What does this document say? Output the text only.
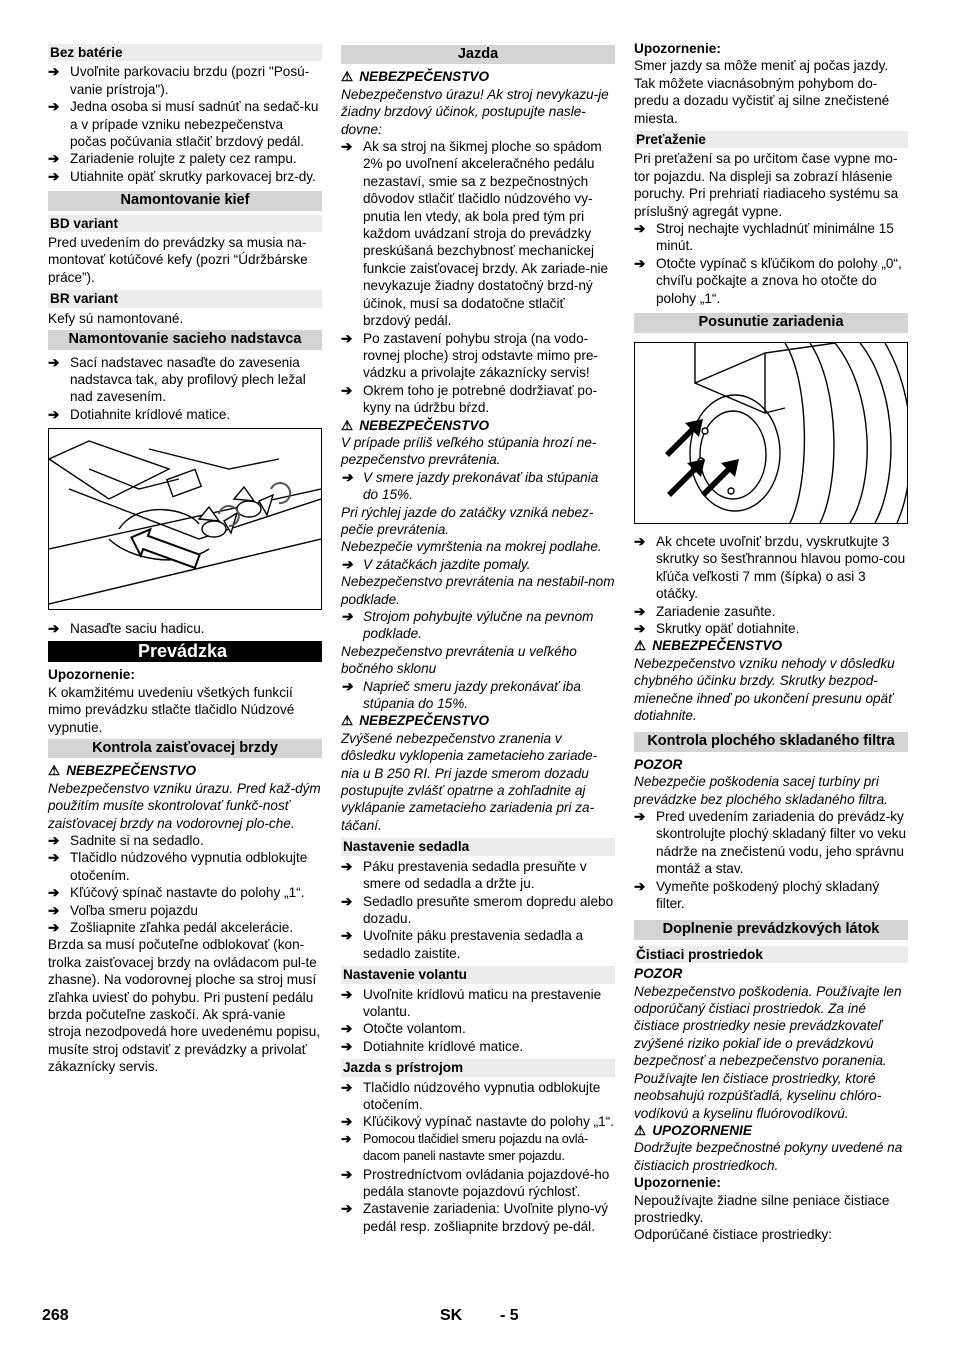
Bez batérie
➔ Uvoľnite parkovaciu brzdu (pozri "Posú-vanie prístroja").
➔ Jedna osoba si musí sadnúť na sedač-ku a v prípade vzniku nebezpečenstva počas počúvania stlačiť brzdový pedál.
➔ Zariadenie rolujte z palety cez rampu.
➔ Utiahnite opäť skrutky parkovacej brz-dy.
Namontovanie kief
BD variant

Pred uvedením do prevádzky sa musia na-montovať kotúčové kefy (pozri “Údržbárske práce”).

BR variant

Kefy sú namontované.

Namontovanie sacieho nadstavca
➔ Sací nadstavec nasaďte do zavesenia nadstavca tak, aby profilový plech ležal nad zavesením.
➔ Dotiahnite krídlové matice.
➔ Nasaďte saciu hadicu.
Prevádzka

Upozornenie:

K okamžitému uvedeniu všetkých funkcií mimo prevádzku stlačte tlačidlo Núdzové vypnutie.

Kontrola zaisťovacej brzdy
⚠ NEBEZPEČENSTVO

Nebezpečenstvo vzniku úrazu. Pred kaž-dým použitím musíte skontrolovať funkč-nosť zaisťovacej brzdy na vodorovnej plo-che.

➔ Sadnite si na sedadlo.
➔ Tlačidlo núdzového vypnutia odblokujte otočením.
➔ Kľúčový spínač nastavte do polohy „1“.
➔ Voľba smeru pojazdu
➔ Zošliapnite zľahka pedál akcelerácie.

Brzda sa musí počuteľne odblokovať (kon-trolka zaisťovacej brzdy na ovládacom pul-te zhasne). Na vodorovnej ploche sa stroj musí zľahka uviesť do pohybu. Pri pustení pedálu brzda počuteľne zaskočí. Ak sprá-vanie stroja nezodpovedá hore uvedenému popisu, musíte stroj odstaviť z prevádzky a privolať zákaznícky servis.

Jazda
⚠ NEBEZPEČENSTVO

Nebezpečenstvo úrazu! Ak stroj nevykazu-je žiadny brzdový účinok, postupujte nasle-dovne:

➔ Ak sa stroj na šikmej ploche so spádom 2% po uvoľnení akceleračného pedálu nezastaví, smie sa z bezpečnostných dôvodov stlačiť tlačidlo núdzového vy-pnutia len vtedy, ak bola pred tým pri každom uvádzaní stroja do prevádzky preskúšaná bezchybnosť mechanickej funkcie zaisťovacej brzdy. Ak zariade-nie nevykazuje žiadny dostatočný brzd-ný účinok, musí sa dodatočne stlačiť brzdový pedál.
➔ Po zastavení pohybu stroja (na vodo-rovnej ploche) stroj odstavte mimo pre-vádzku a privolajte zákaznícky servis!
➔ Okrem toho je potrebné dodržiavať po-kyny na údržbu bŕzd.
⚠ NEBEZPEČENSTVO

V prípade príliš veľkého stúpania hrozí ne-pezpečenstvo prevrátenia.

➔ V smere jazdy prekonávať iba stúpania do 15%.

Pri rýchlej jazde do zatáčky vzniká nebez-pečie prevrátenia.

Nebezpečie vymrštenia na mokrej podlahe.

➔ V zátačkách jazdite pomaly.

Nebezpečenstvo prevrátenia na nestabil-nom podklade.

➔ Strojom pohybujte výlučne na pevnom podklade.

Nebezpečenstvo prevrátenia u veľkého bočného sklonu

➔ Naprieč smeru jazdy prekonávať iba stúpania do 15%.
⚠ NEBEZPEČENSTVO

Zvýšené nebezpečenstvo zranenia v dôsledku vyklopenia zametacieho zariade-nia u B 250 RI. Pri jazde smerom dozadu postupujte zvlášť opatrne a zohľadnite aj vyklápanie zametacieho zariadenia pri za-táčaní.

Nastavenie sedadla
➔ Páku prestavenia sedadla presuňte v smere od sedadla a držte ju.
➔ Sedadlo presuňte smerom dopredu alebo dozadu.
➔ Uvoľnite páku prestavenia sedadla a sedadlo zaistite.
Nastavenie volantu
➔ Uvoľnite krídlovú maticu na prestavenie volantu.
➔ Otočte volantom.
➔ Dotiahnite krídlové matice.
Jazda s prístrojom
➔ Tlačidlo núdzového vypnutia odblokujte otočením.
➔ Kľúčikový vypínač nastavte do polohy „1“.
➔ Pomocou tlačidiel smeru pojazdu na ovlá-dacom paneli nastavte smer pojazdu.
➔ Prostredníctvom ovládania pojazdové-ho pedála stanovte pojazdovú rýchlosť.
➔ Zastavenie zariadenia: Uvoľnite plyno-vý pedál resp. zošliapnite brzdový pe-dál.

Upozornenie:

Smer jazdy sa môže meniť aj počas jazdy. Tak môžete viacnásobným pohybom do-predu a dozadu vyčistiť aj silne znečistené miesta.

Preťaženie

Pri preťažení sa po určitom čase vypne mo-tor pojazdu. Na displeji sa zobrazí hlásenie poruchy. Pri prehriatí riadiaceho systému sa príslušný agregát vypne.

➔ Stroj nechajte vychladnúť minimálne 15 minút.
➔ Otočte vypínač s kľúčikom do polohy „0“, chvíľu počkajte a znova ho otočte do polohy „1“.
Posunutie zariadenia
➔ Ak chcete uvoľniť brzdu, vyskrutkujte 3 skrutky so šesťhrannou hlavou pomo-cou kľúča veľkosti 7 mm (šípka) o asi 3 otáčky.
➔ Zariadenie zasuňte.
➔ Skrutky opäť dotiahnite.
⚠ NEBEZPEČENSTVO

Nebezpečenstvo vzniku nehody v dôsledku chybného účinku brzdy. Skrutky bezpod-mienečne ihneď po ukončení presunu opäť dotiahnite.

Kontrola plochého skladaného filtra

POZOR

Nebezpečie poškodenia sacej turbíny pri prevádzke bez plochého skladaného filtra.

➔ Pred uvedením zariadenia do prevádz-ky skontrolujte plochý skladaný filter vo veku nádrže na znečistenú vodu, jeho správnu montáž a stav.
➔ Vymeňte poškodený plochý skladaný filter.
Doplnenie prevádzkových látok
Čistiaci prostriedok

POZOR

Nebezpečenstvo poškodenia. Používajte len odporúčaný čistiaci prostriedok. Za iné čistiace prostriedky nesie prevádzkovateľ zvýšené riziko pokiaľ ide o prevádzkovú bezpečnosť a nebezpečenstvo poranenia. Používajte len čistiace prostriedky, ktoré neobsahujú rozpúšťadlá, kyselinu chlóro-vodíkovú a kyselinu fluórovodíkovú.

⚠ UPOZORNENIE

Dodržujte bezpečnostné pokyny uvedené na čistiacich prostriedkoch.

Upozornenie:

Nepoužívajte žiadne silne peniace čistiace prostriedky.

Odporúčané čistiace prostriedky:

268	SK - 5
